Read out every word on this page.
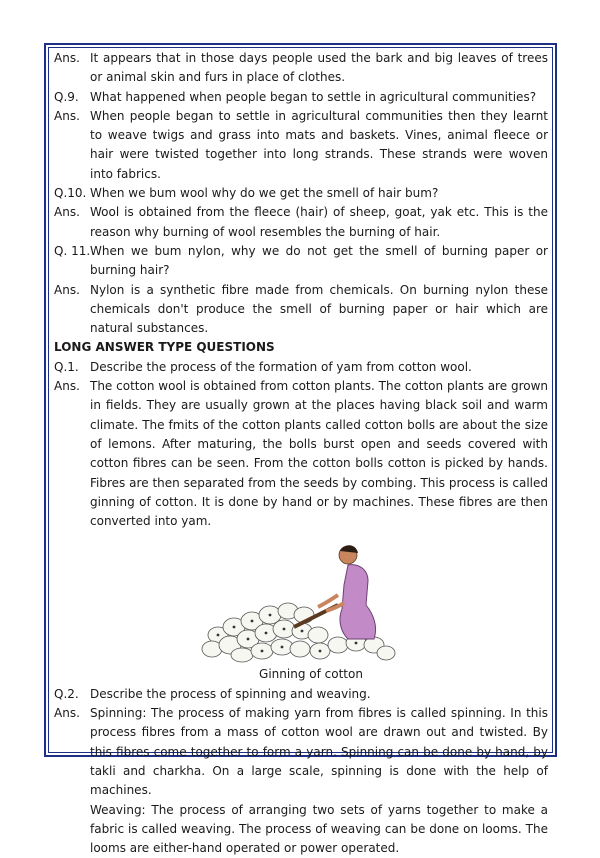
Ans. It appears that in those days people used the bark and big leaves of trees or animal skin and furs in place of clothes.
Q.9. What happened when people began to settle in agricultural communities?
Ans. When people began to settle in agricultural communities then they learnt to weave twigs and grass into mats and baskets. Vines, animal fleece or hair were twisted together into long strands. These strands were woven into fabrics.
Q.10. When we bum wool why do we get the smell of hair bum?
Ans. Wool is obtained from the fleece (hair) of sheep, goat, yak etc. This is the reason why burning of wool resembles the burning of hair.
Q. 11. When we bum nylon, why we do not get the smell of burning paper or burning hair?
Ans. Nylon is a synthetic fibre made from chemicals. On burning nylon these chemicals don't produce the smell of burning paper or hair which are natural substances.
LONG ANSWER TYPE QUESTIONS
Q.1. Describe the process of the formation of yam from cotton wool.
Ans. The cotton wool is obtained from cotton plants. The cotton plants are grown in fields. They are usually grown at the places having black soil and warm climate. The fmits of the cotton plants called cotton bolls are about the size of lemons. After maturing, the bolls burst open and seeds covered with cotton fibres can be seen. From the cotton bolls cotton is picked by hands. Fibres are then separated from the seeds by combing. This process is called ginning of cotton. It is done by hand or by machines. These fibres are then converted into yam.
Ginning of cotton
Q.2. Describe the process of spinning and weaving.
Ans. Spinning: The process of making yarn from fibres is called spinning. In this process fibres from a mass of cotton wool are drawn out and twisted. By this fibres come together to form a yarn. Spinning can be done by hand, by takli and charkha. On a large scale, spinning is done with the help of machines.
Weaving: The process of arranging two sets of yarns together to make a fabric is called weaving. The process of weaving can be done on looms. The looms are either-hand operated or power operated.
